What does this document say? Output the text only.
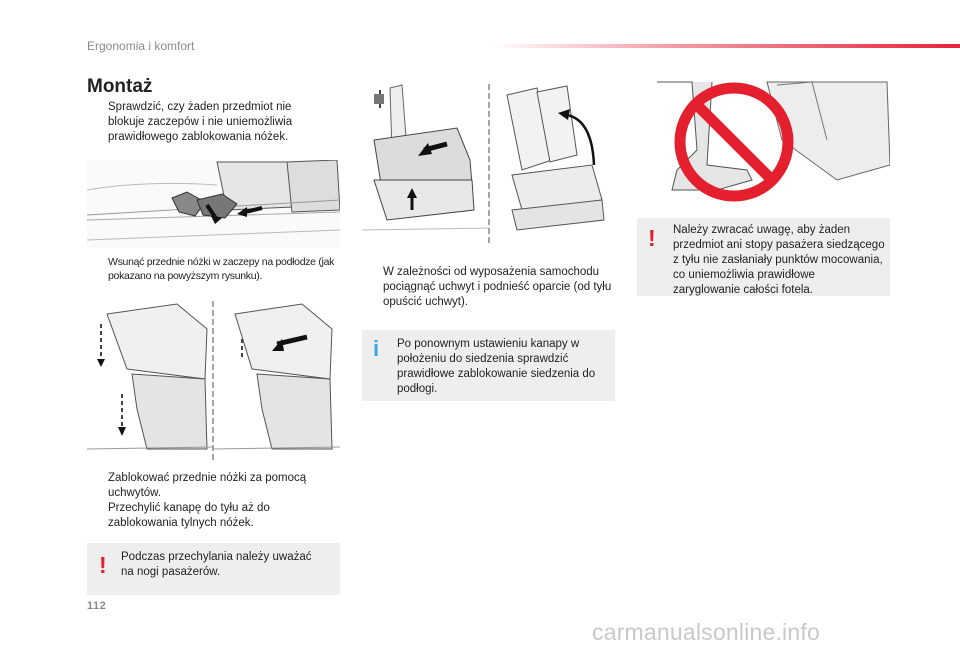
Ergonomia i komfort
Montaż
Sprawdzić, czy żaden przedmiot nie blokuje zaczepów i nie uniemożliwia prawidłowego zablokowania nóżek.
Wsunąć przednie nóżki w zaczepy na podłodze (jak pokazano na powyższym rysunku).
Zablokować przednie nóżki za pomocą uchwytów.
Przechylić kanapę do tyłu aż do zablokowania tylnych nóżek.
! Podczas przechylania należy uważać na nogi pasażerów.
W zależności od wyposażenia samochodu pociągnąć uchwyt i podnieść oparcie (od tyłu opuścić uchwyt).
i Po ponownym ustawieniu kanapy w położeniu do siedzenia sprawdzić prawidłowe zablokowanie siedzenia do podłogi.
! Należy zwracać uwagę, aby żaden przedmiot ani stopy pasażera siedzącego z tyłu nie zasłaniały punktów mocowania, co uniemożliwia prawidłowe zaryglowanie całości fotela.
112
carmanualsonline.info
